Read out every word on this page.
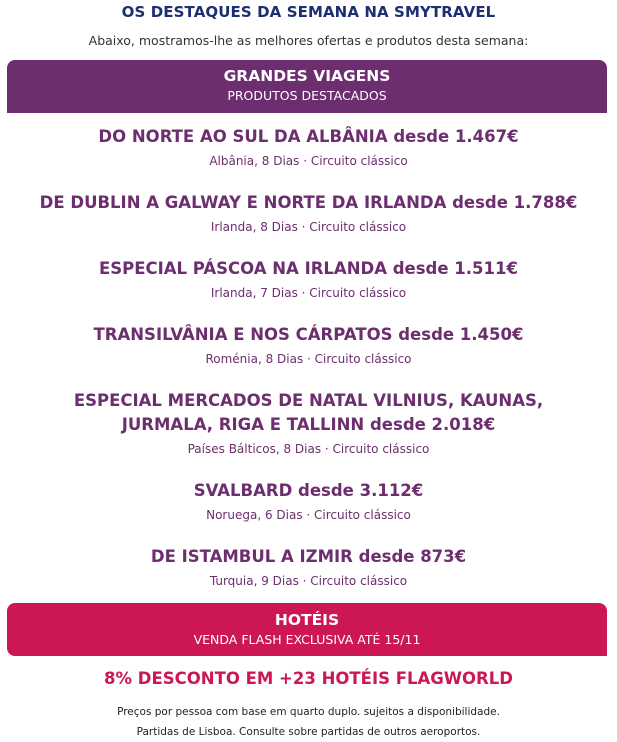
OS DESTAQUES DA SEMANA NA SMYTRAVEL
Abaixo, mostramos-lhe as melhores ofertas e produtos desta semana:
GRANDES VIAGENS
PRODUTOS DESTACADOS
DO NORTE AO SUL DA ALBÂNIA desde 1.467€
Albânia, 8 Dias · Circuito clássico
DE DUBLIN A GALWAY E NORTE DA IRLANDA desde 1.788€
Irlanda, 8 Dias · Circuito clássico
ESPECIAL PÁSCOA NA IRLANDA desde 1.511€
Irlanda, 7 Dias · Circuito clássico
TRANSILVÂNIA E NOS CÁRPATOS desde 1.450€
Roménia, 8 Dias · Circuito clássico
ESPECIAL MERCADOS DE NATAL VILNIUS, KAUNAS, JURMALA, RIGA E TALLINN desde 2.018€
Países Bálticos, 8 Dias · Circuito clássico
SVALBARD desde 3.112€
Noruega, 6 Dias · Circuito clássico
DE ISTAMBUL A IZMIR desde 873€
Turquia, 9 Dias · Circuito clássico
HOTÉIS
VENDA FLASH EXCLUSIVA ATÉ 15/11
8% DESCONTO EM +23 HOTÉIS FLAGWORLD
Preços por pessoa com base em quarto duplo. sujeitos a disponibilidade.
Partidas de Lisboa. Consulte sobre partidas de outros aeroportos.
